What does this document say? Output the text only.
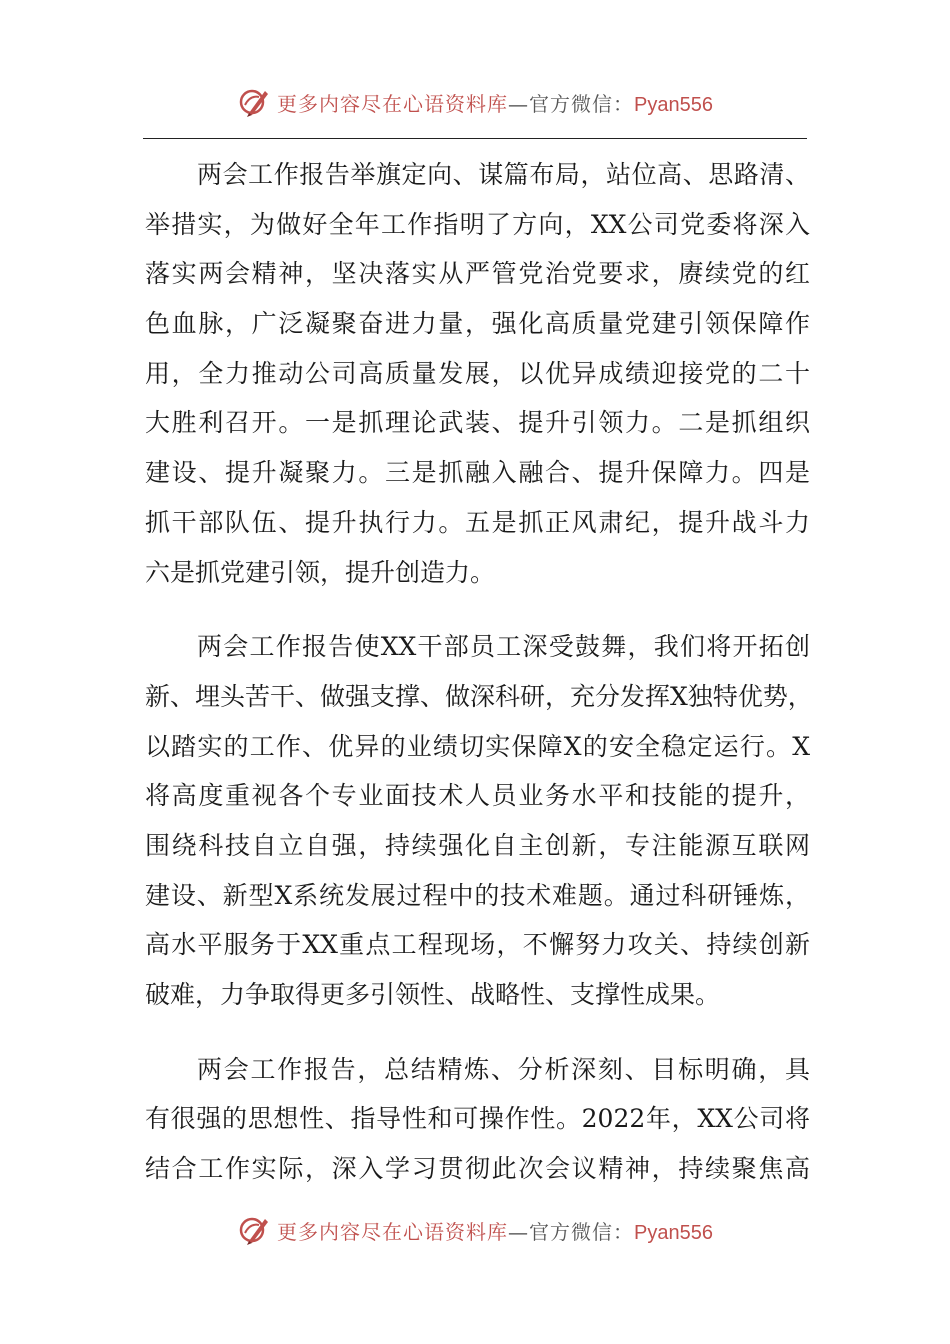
更多内容尽在心语资料库—官方微信：Pyan556
两会工作报告举旗定向、谋篇布局，站位高、思路清、
举措实，为做好全年工作指明了方向，XX公司党委将深入
落实两会精神，坚决落实从严管党治党要求，赓续党的红
色血脉，广泛凝聚奋进力量，强化高质量党建引领保障作
用，全力推动公司高质量发展，以优异成绩迎接党的二十
大胜利召开。一是抓理论武装、提升引领力。二是抓组织
建设、提升凝聚力。三是抓融入融合、提升保障力。四是
抓干部队伍、提升执行力。五是抓正风肃纪，提升战斗力
六是抓党建引领，提升创造力。
两会工作报告使XX干部员工深受鼓舞，我们将开拓创
新、埋头苦干、做强支撑、做深科研，充分发挥X独特优势，
以踏实的工作、优异的业绩切实保障X的安全稳定运行。X
将高度重视各个专业面技术人员业务水平和技能的提升，
围绕科技自立自强，持续强化自主创新，专注能源互联网
建设、新型X系统发展过程中的技术难题。通过科研锤炼，
高水平服务于XX重点工程现场，不懈努力攻关、持续创新
破难，力争取得更多引领性、战略性、支撑性成果。
两会工作报告，总结精炼、分析深刻、目标明确，具
有很强的思想性、指导性和可操作性。2022年，XX公司将
结合工作实际，深入学习贯彻此次会议精神，持续聚焦高
更多内容尽在心语资料库—官方微信：Pyan556
